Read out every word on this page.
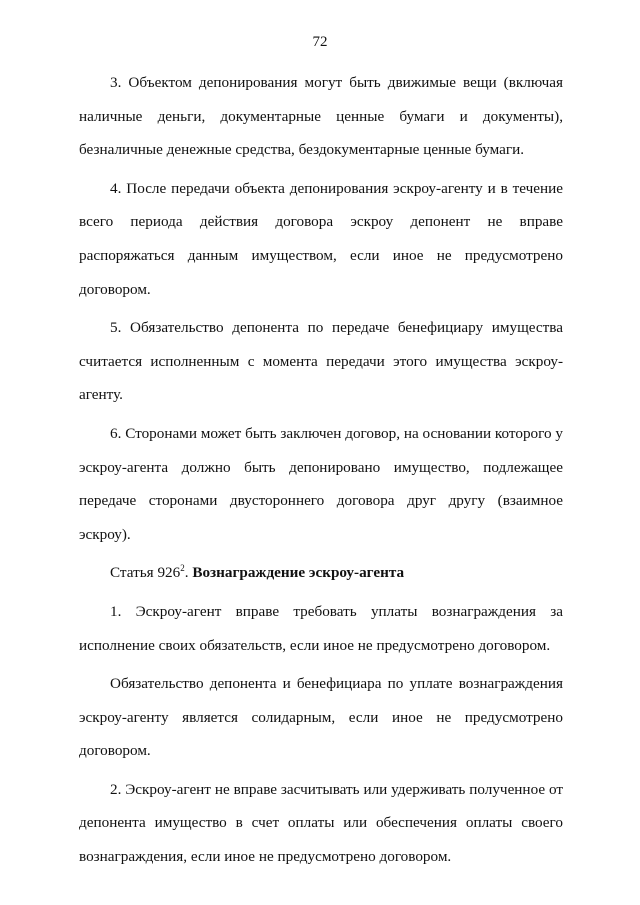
72

3. Объектом депонирования могут быть движимые вещи (включая наличные деньги, документарные ценные бумаги и документы), безналичные денежные средства, бездокументарные ценные бумаги.

4. После передачи объекта депонирования эскроу-агенту и в течение всего периода действия договора эскроу депонент не вправе распоряжаться данным имуществом, если иное не предусмотрено договором.

5. Обязательство депонента по передаче бенефициару имущества считается исполненным с момента передачи этого имущества эскроу-агенту.

6. Сторонами может быть заключен договор, на основании которого у эскроу-агента должно быть депонировано имущество, подлежащее передаче сторонами двустороннего договора друг другу (взаимное эскроу).

Статья $926^2$. Вознаграждение эскроу-агента

1. Эскроу-агент вправе требовать уплаты вознаграждения за исполнение своих обязательств, если иное не предусмотрено договором.

Обязательство депонента и бенефициара по уплате вознаграждения эскроу-агенту является солидарным, если иное не предусмотрено договором.

2. Эскроу-агент не вправе засчитывать или удерживать полученное от депонента имущество в счет оплаты или обеспечения оплаты своего вознаграждения, если иное не предусмотрено договором.
